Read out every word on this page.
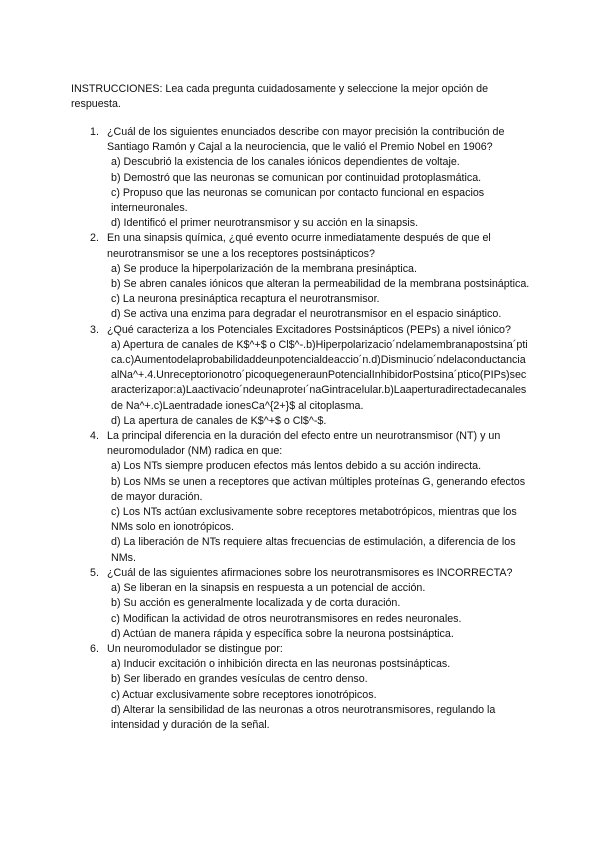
INSTRUCCIONES: Lea cada pregunta cuidadosamente y seleccione la mejor opción de respuesta.
1. ¿Cuál de los siguientes enunciados describe con mayor precisión la contribución de Santiago Ramón y Cajal a la neurociencia, que le valió el Premio Nobel en 1906?
a) Descubrió la existencia de los canales iónicos dependientes de voltaje.
b) Demostró que las neuronas se comunican por continuidad protoplasmática.
c) Propuso que las neuronas se comunican por contacto funcional en espacios interneuronales.
d) Identificó el primer neurotransmisor y su acción en la sinapsis.
2. En una sinapsis química, ¿qué evento ocurre inmediatamente después de que el neurotransmisor se une a los receptores postsinápticos?
a) Se produce la hiperpolarización de la membrana presináptica.
b) Se abren canales iónicos que alteran la permeabilidad de la membrana postsináptica.
c) La neurona presináptica recaptura el neurotransmisor.
d) Se activa una enzima para degradar el neurotransmisor en el espacio sináptico.
3. ¿Qué caracteriza a los Potenciales Excitadores Postsinápticos (PEPs) a nivel iónico?
a) Apertura de canales de K$^+$ o Cl$^-.b)Hiperpolarizacio´ndelamembranapostsina´ptica.c)Aumentodelaprobabilidaddeunpotencialdeaccio´n.d)Disminucio´ndelaconductanciaalNa^+.4.Unreceptorionotro´picoquegeneraunPotencialInhibidorPostsina´ptico(PIPs)secaracterizapor:a)Laactivacio´ndeunaproteı´naGintracelular.b)Laaperturadirectadecanalesde Na^+.c)Laentradade ionesCa^{2+}$ al citoplasma.
d) La apertura de canales de K$^+$ o Cl$^-$.
4. La principal diferencia en la duración del efecto entre un neurotransmisor (NT) y un neuromodulador (NM) radica en que:
a) Los NTs siempre producen efectos más lentos debido a su acción indirecta.
b) Los NMs se unen a receptores que activan múltiples proteínas G, generando efectos de mayor duración.
c) Los NTs actúan exclusivamente sobre receptores metabotrópicos, mientras que los NMs solo en ionotrópicos.
d) La liberación de NTs requiere altas frecuencias de estimulación, a diferencia de los NMs.
5. ¿Cuál de las siguientes afirmaciones sobre los neurotransmisores es INCORRECTA?
a) Se liberan en la sinapsis en respuesta a un potencial de acción.
b) Su acción es generalmente localizada y de corta duración.
c) Modifican la actividad de otros neurotransmisores en redes neuronales.
d) Actúan de manera rápida y específica sobre la neurona postsináptica.
6. Un neuromodulador se distingue por:
a) Inducir excitación o inhibición directa en las neuronas postsinápticas.
b) Ser liberado en grandes vesículas de centro denso.
c) Actuar exclusivamente sobre receptores ionotrópicos.
d) Alterar la sensibilidad de las neuronas a otros neurotransmisores, regulando la intensidad y duración de la señal.
